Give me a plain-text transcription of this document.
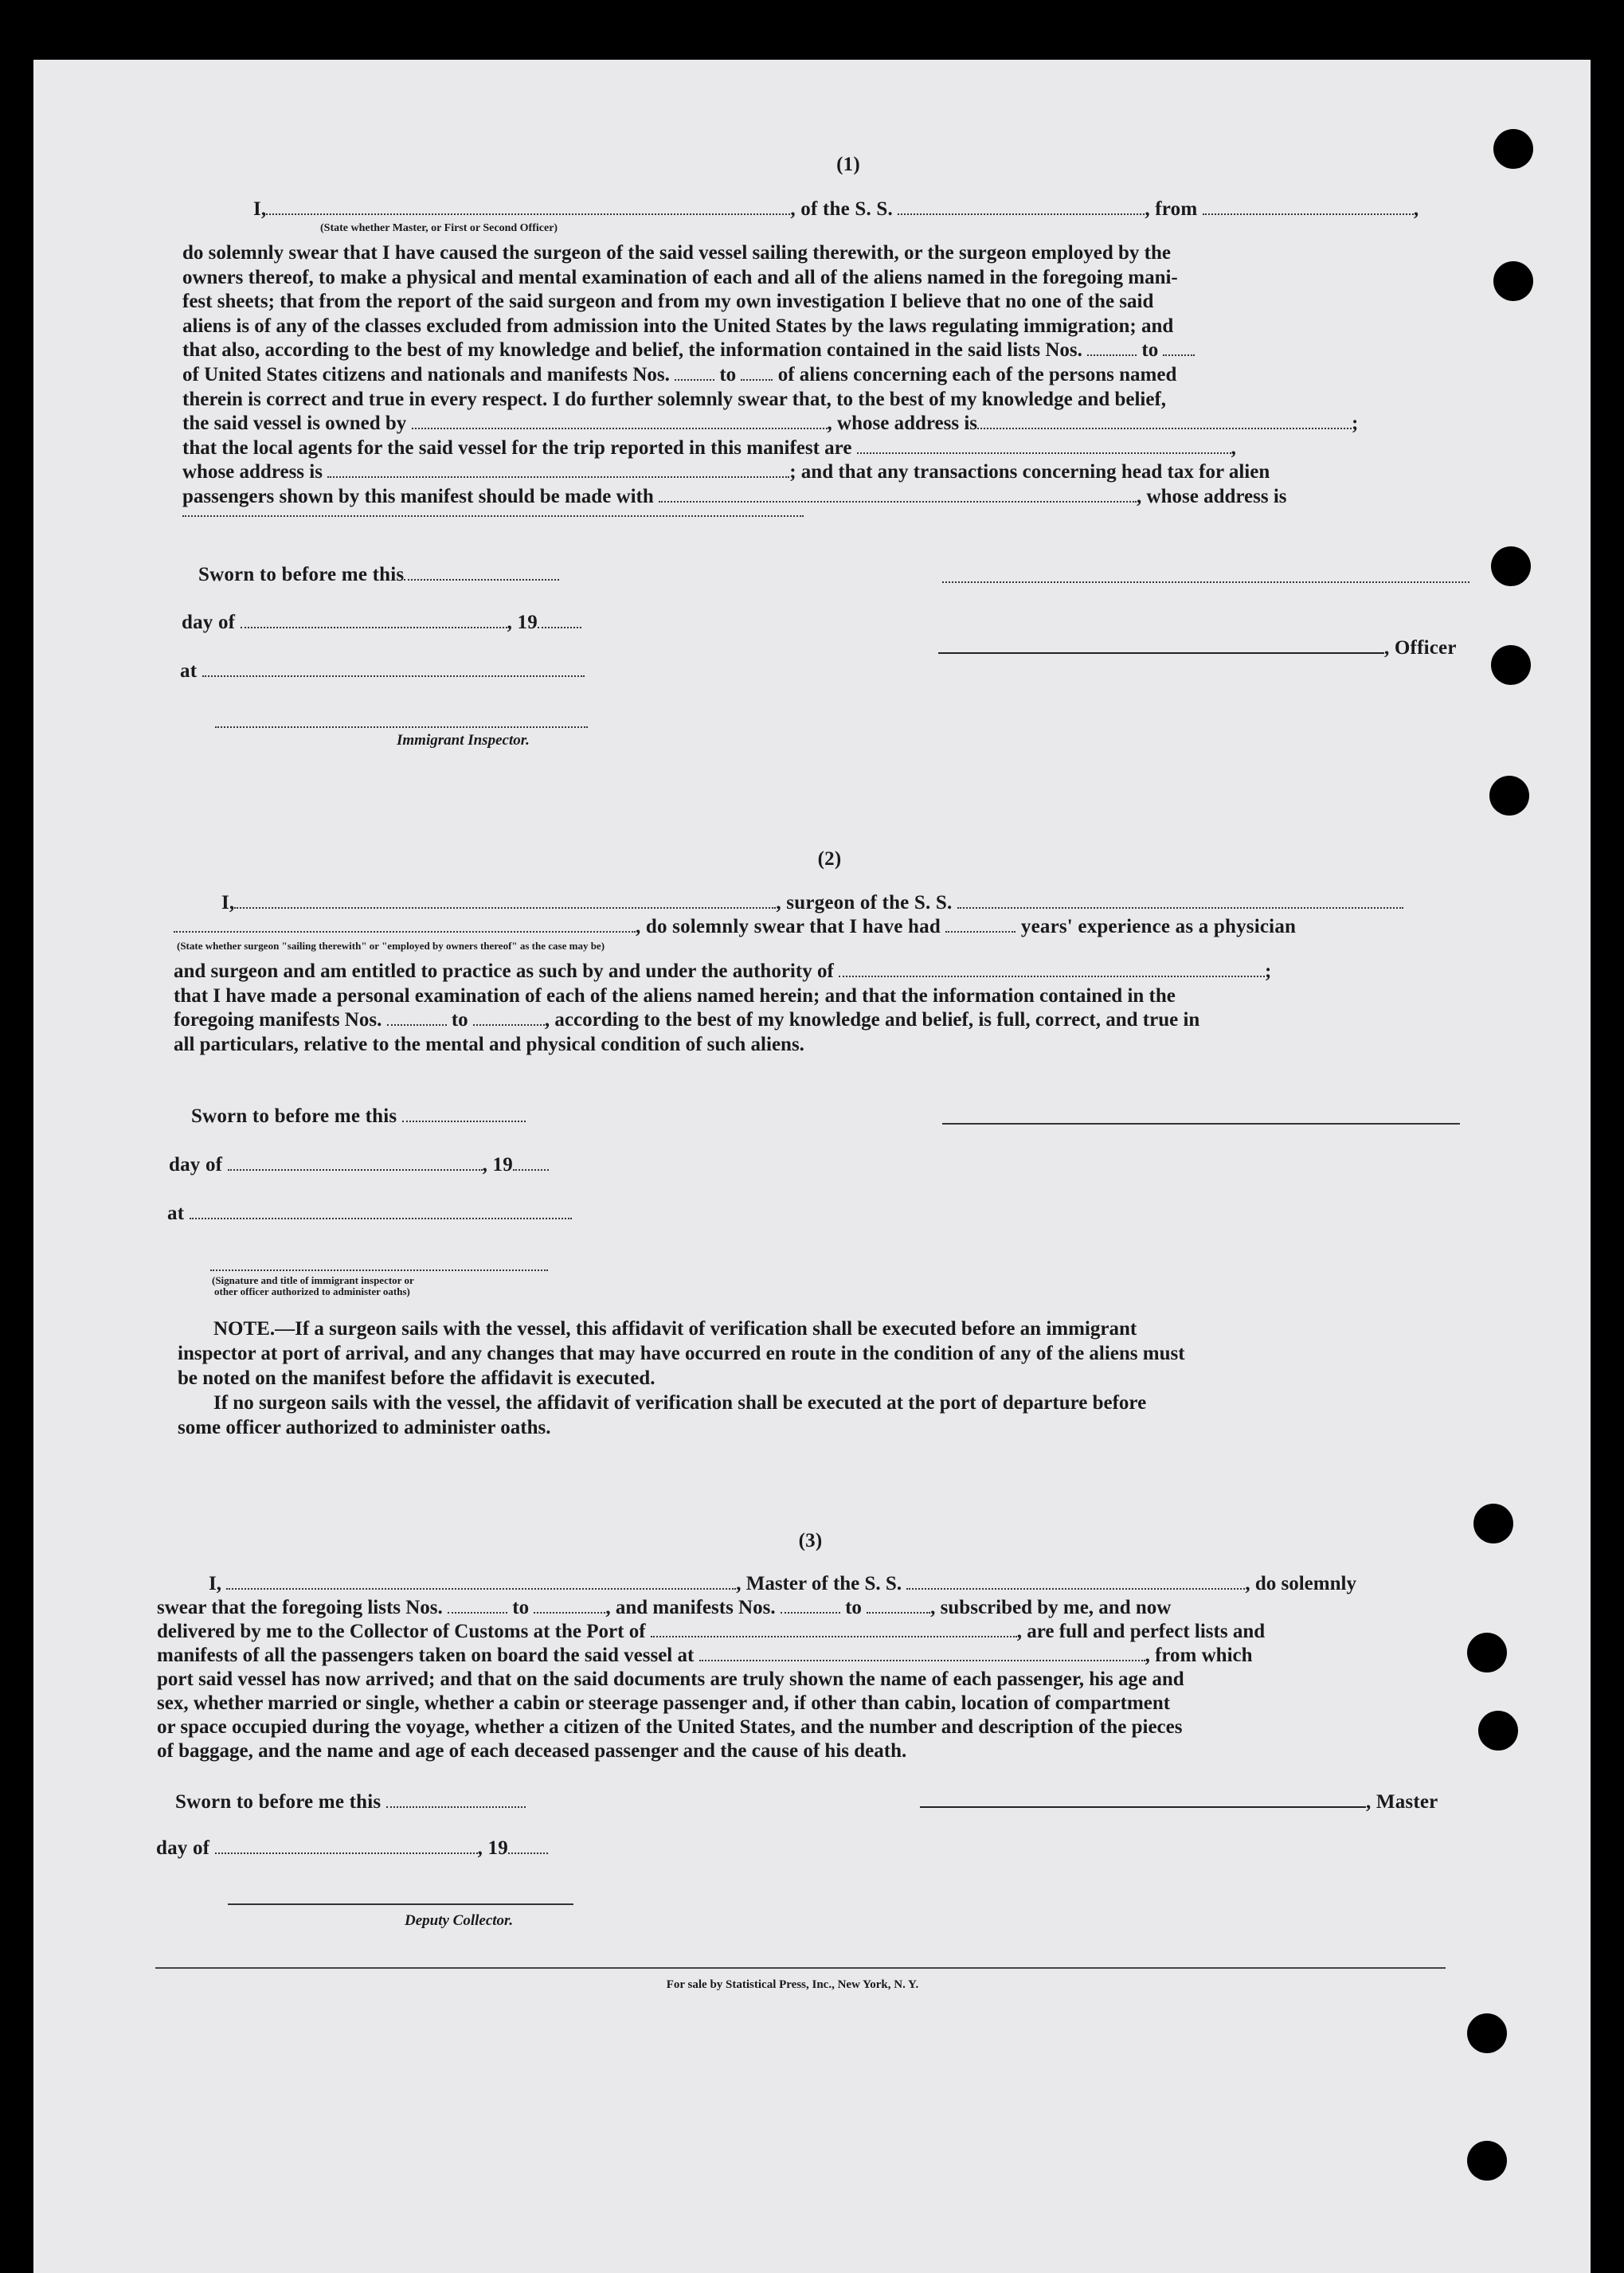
(1)
I,	, of the S. S.	, from	,
(State whether Master, or First or Second Officer)
do solemnly swear that I have caused the surgeon of the said vessel sailing therewith, or the surgeon employed by the
owners thereof, to make a physical and mental examination of each and all of the aliens named in the foregoing mani-
fest sheets; that from the report of the said surgeon and from my own investigation I believe that no one of the said
aliens is of any of the classes excluded from admission into the United States by the laws regulating immigration; and
that also, according to the best of my knowledge and belief, the information contained in the said lists Nos.	to
of United States citizens and nationals and manifests Nos.	to of aliens concerning each of the persons named
therein is correct and true in every respect. I do further solemnly swear that, to the best of my knowledge and belief,
the said vessel is owned by	, whose address is	;
that the local agents for the said vessel for the trip reported in this manifest are	,
whose address is	; and that any transactions concerning head tax for alien
passengers shown by this manifest should be made with	, whose address is
Sworn to before me this
day of	, 19
, Officer
at
Immigrant Inspector.
(2)
I,	, surgeon of the S. S.
, do solemnly swear that I have had	years' experience as a physician
(State whether surgeon "sailing therewith" or "employed by owners thereof" as the case may be)
and surgeon and am entitled to practice as such by and under the authority of	;
that I have made a personal examination of each of the aliens named herein; and that the information contained in the
foregoing manifests Nos.	to	, according to the best of my knowledge and belief, is full, correct, and true in
all particulars, relative to the mental and physical condition of such aliens.
Sworn to before me this
day of	, 19
at
(Signature and title of immigrant inspector or
other officer authorized to administer oaths)
NOTE.—If a surgeon sails with the vessel, this affidavit of verification shall be executed before an immigrant
inspector at port of arrival, and any changes that may have occurred en route in the condition of any of the aliens must
be noted on the manifest before the affidavit is executed.
If no surgeon sails with the vessel, the affidavit of verification shall be executed at the port of departure before
some officer authorized to administer oaths.
(3)
I,	, Master of the S. S.	, do solemnly
swear that the foregoing lists Nos.	to	, and manifests Nos.	to	, subscribed by me, and now
delivered by me to the Collector of Customs at the Port of	, are full and perfect lists and
manifests of all the passengers taken on board the said vessel at	, from which
port said vessel has now arrived; and that on the said documents are truly shown the name of each passenger, his age and
sex, whether married or single, whether a cabin or steerage passenger and, if other than cabin, location of compartment
or space occupied during the voyage, whether a citizen of the United States, and the number and description of the pieces
of baggage, and the name and age of each deceased passenger and the cause of his death.
Sworn to before me this	, Master
day of	, 19
Deputy Collector.
For sale by Statistical Press, Inc., New York, N. Y.
